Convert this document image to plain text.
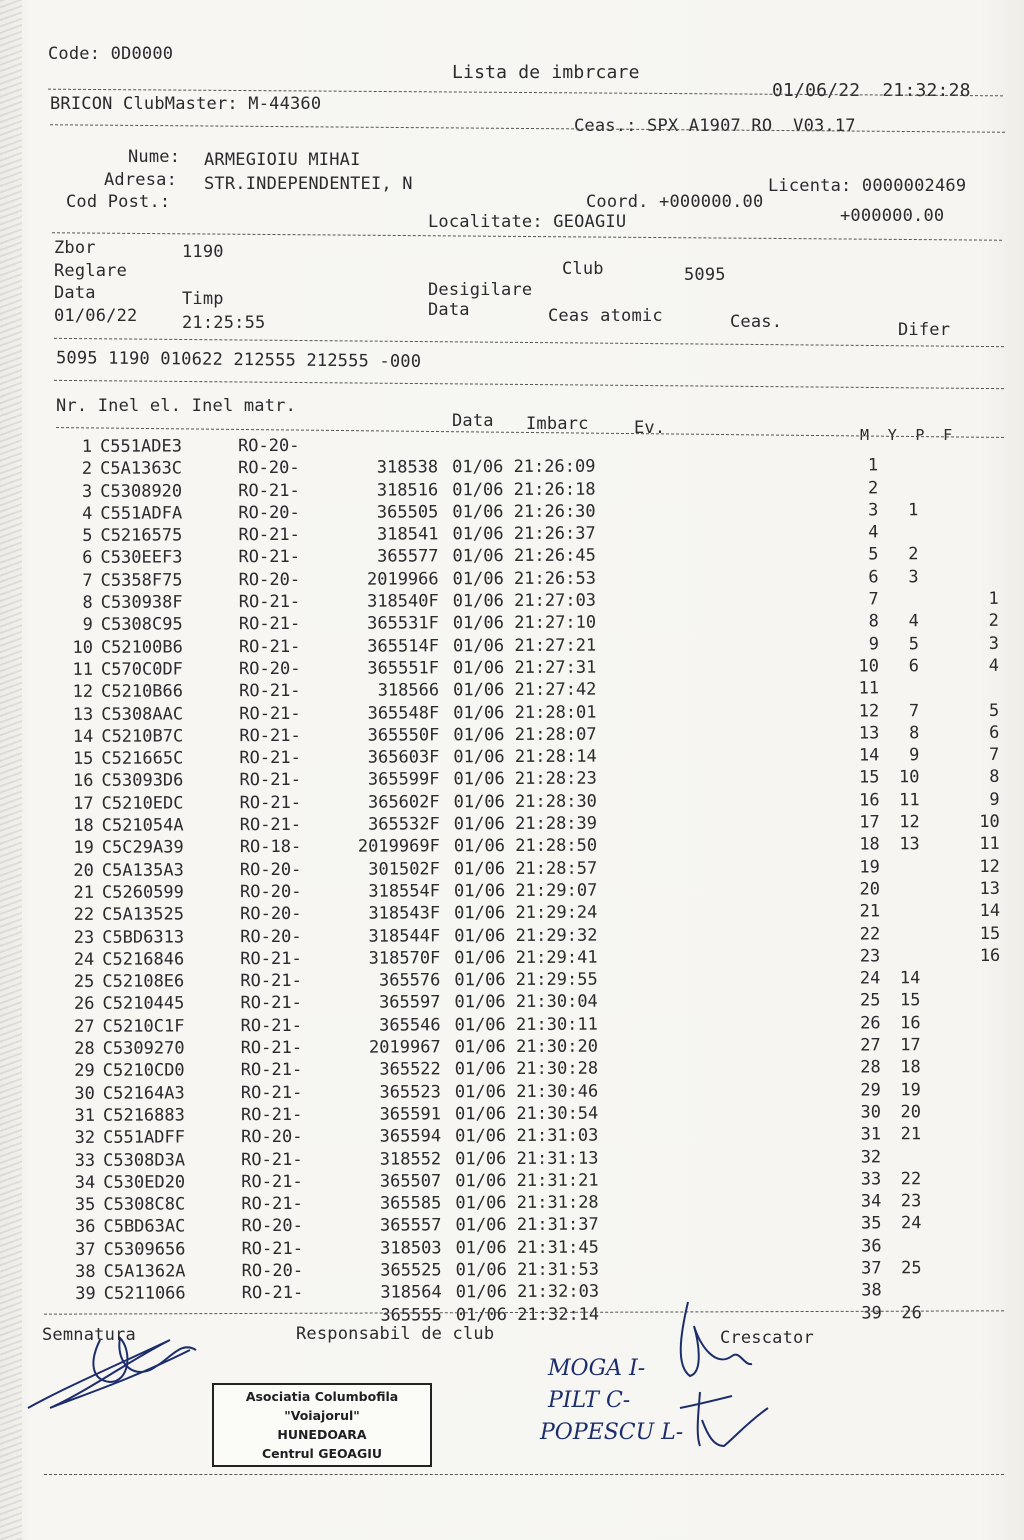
Code: 0D0000
Lista de imbrcare
01/06/22  21:32:28
BRICON ClubMaster: M-44360
Ceas.: SPX A1907 RO  V03.17
Nume: ARMEGIOIU MIHAI
Adresa: STR.INDEPENDENTEI, N	Licenta: 0000002469
Cod Post.:	Coord. +000000.00
+000000.00
Localitate: GEOAGIU
Zbor	1190
Reglare	Club	5095
Data	Timp	Desigilare
Data	Ceas atomic	Ceas.	Difer
01/06/22	21:25:55
5095 1190 010622 212555 212555 -000
Nr. Inel el. Inel matr.
Data Imbarc	Ev.	M  Y  P  F
1	C551ADE3	RO-20-							
2	C5A1363C	RO-20-	318538	01/06 21:26:09		1			
3	C5308920	RO-21-	318516	01/06 21:26:18		2			
4	C551ADFA	RO-20-	365505	01/06 21:26:30		3	1		
5	C5216575	RO-21-	318541	01/06 21:26:37		4			
6	C530EEF3	RO-21-	365577	01/06 21:26:45		5	2		
7	C5358F75	RO-20-	2019966	01/06 21:26:53		6	3		
8	C530938F	RO-21-	318540F	01/06 21:27:03		7			1
9	C5308C95	RO-21-	365531F	01/06 21:27:10		8	4		2
10	C52100B6	RO-21-	365514F	01/06 21:27:21		9	5		3
11	C570C0DF	RO-20-	365551F	01/06 21:27:31		10	6		4
12	C5210B66	RO-21-	318566	01/06 21:27:42		11			
13	C5308AAC	RO-21-	365548F	01/06 21:28:01		12	7		5
14	C5210B7C	RO-21-	365550F	01/06 21:28:07		13	8		6
15	C521665C	RO-21-	365603F	01/06 21:28:14		14	9		7
16	C53093D6	RO-21-	365599F	01/06 21:28:23		15	10		8
17	C5210EDC	RO-21-	365602F	01/06 21:28:30		16	11		9
18	C521054A	RO-21-	365532F	01/06 21:28:39		17	12		10
19	C5C29A39	RO-18-	2019969F	01/06 21:28:50		18	13		11
20	C5A135A3	RO-20-	301502F	01/06 21:28:57		19			12
21	C5260599	RO-20-	318554F	01/06 21:29:07		20			13
22	C5A13525	RO-20-	318543F	01/06 21:29:24		21			14
23	C5BD6313	RO-20-	318544F	01/06 21:29:32		22			15
24	C5216846	RO-21-	318570F	01/06 21:29:41		23			16
25	C52108E6	RO-21-	365576	01/06 21:29:55		24	14		
26	C5210445	RO-21-	365597	01/06 21:30:04		25	15		
27	C5210C1F	RO-21-	365546	01/06 21:30:11		26	16		
28	C5309270	RO-21-	2019967	01/06 21:30:20		27	17		
29	C5210CD0	RO-21-	365522	01/06 21:30:28		28	18		
30	C52164A3	RO-21-	365523	01/06 21:30:46		29	19		
31	C5216883	RO-21-	365591	01/06 21:30:54		30	20		
32	C551ADFF	RO-20-	365594	01/06 21:31:03		31	21		
33	C5308D3A	RO-21-	318552	01/06 21:31:13		32			
34	C530ED20	RO-21-	365507	01/06 21:31:21		33	22		
35	C5308C8C	RO-21-	365585	01/06 21:31:28		34	23		
36	C5BD63AC	RO-20-	365557	01/06 21:31:37		35	24		
37	C5309656	RO-21-	318503	01/06 21:31:45		36			
38	C5A1362A	RO-20-	365525	01/06 21:31:53		37	25		
39	C5211066	RO-21-	318564	01/06 21:32:03		38			
			365555	01/06 21:32:14		39	26		
Semnatura	Responsabil de club	Crescator
Asociatia Columbofila
"Voiajorul"
HUNEDOARA
Centrul GEOAGIU
MOGA I-
PILT C-
POPESCU L-
